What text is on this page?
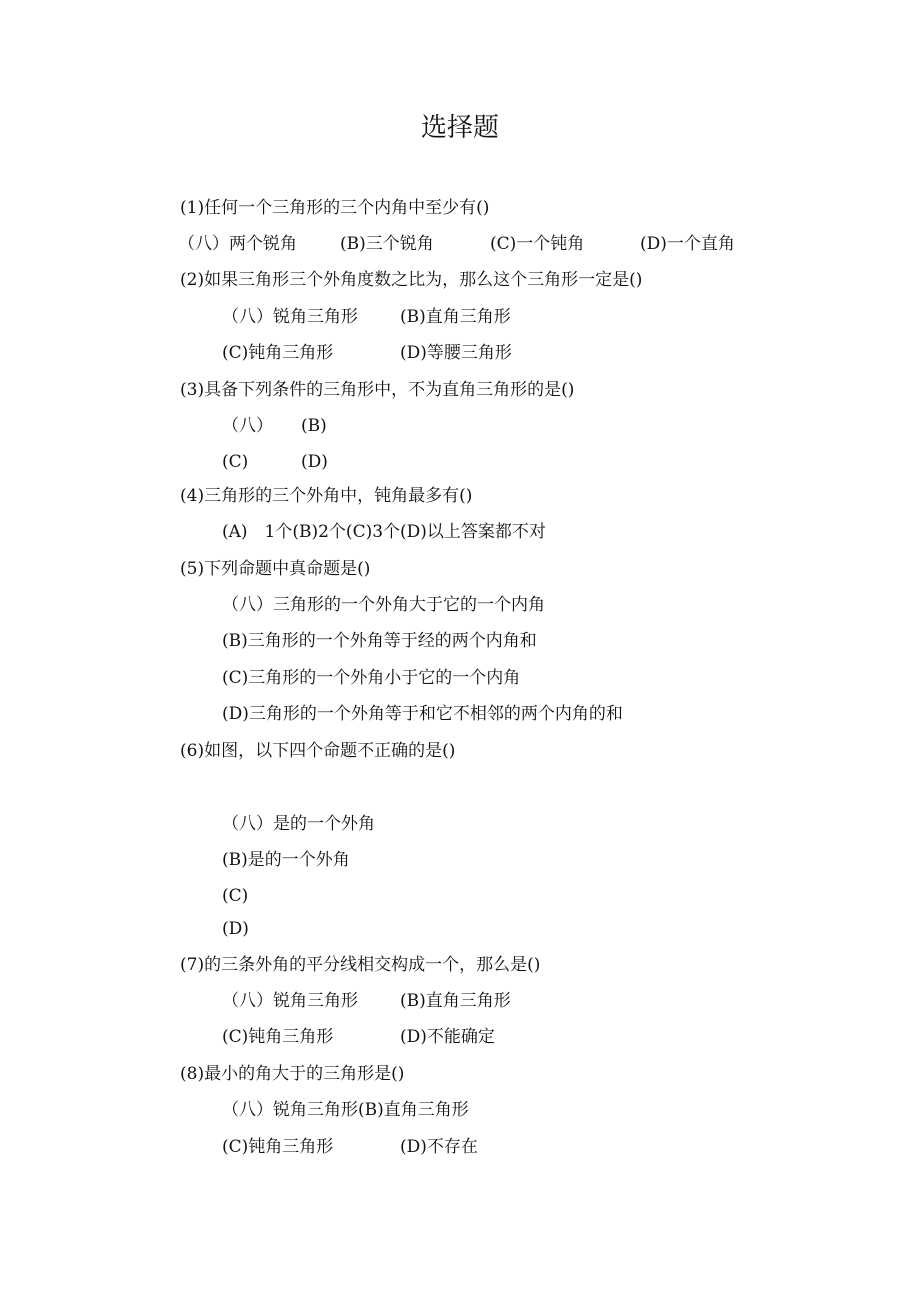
选择题
(1)任何一个三角形的三个内角中至少有()
（八）两个锐角	(B)三个锐角	(C)一个钝角	(D)一个直角
(2)如果三角形三个外角度数之比为，那么这个三角形一定是()
（八）锐角三角形 (B)直角三角形
(C)钝角三角形	(D)等腰三角形
(3)具备下列条件的三角形中，不为直角三角形的是()
（八） (B)
(C)	(D)
(4)三角形的三个外角中，钝角最多有()
(A)　1个(B)2个(C)3个(D)以上答案都不对
(5)下列命题中真命题是()
（八）三角形的一个外角大于它的一个内角
(B)三角形的一个外角等于经的两个内角和
(C)三角形的一个外角小于它的一个内角
(D)三角形的一个外角等于和它不相邻的两个内角的和
(6)如图，以下四个命题不正确的是()
（八）是的一个外角
(B)是的一个外角
(C)
(D)
(7)的三条外角的平分线相交构成一个，那么是()
（八）锐角三角形 (B)直角三角形
(C)钝角三角形	(D)不能确定
(8)最小的角大于的三角形是()
（八）锐角三角形(B)直角三角形
(C)钝角三角形	(D)不存在
